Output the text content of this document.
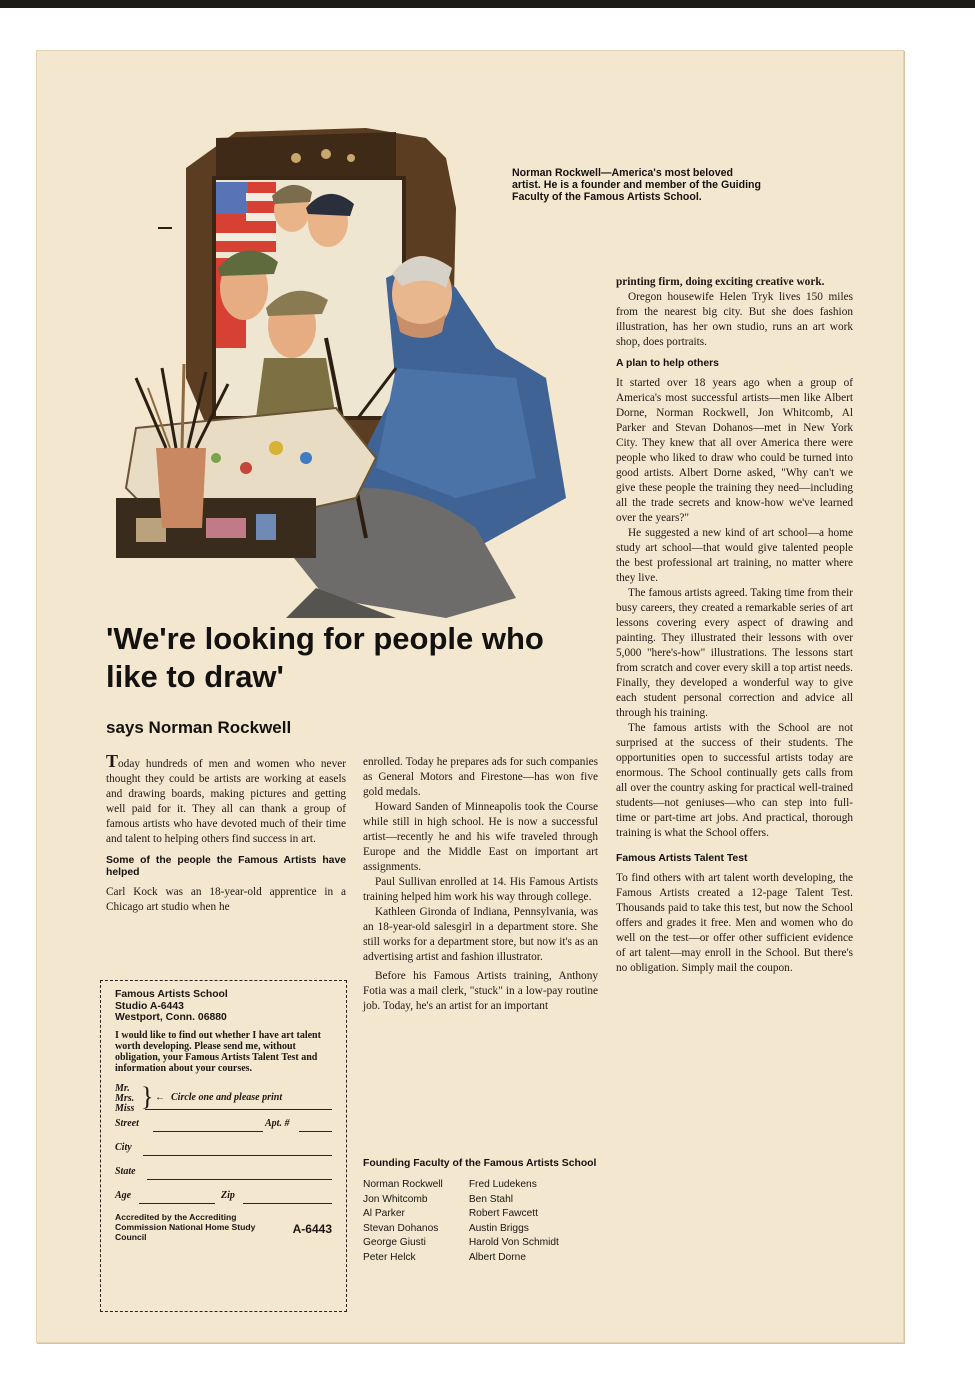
Norman Rockwell—America's most beloved artist. He is a founder and member of the Guiding Faculty of the Famous Artists School.
'We're looking for people who like to draw'
says Norman Rockwell

Today hundreds of men and women who never thought they could be artists are working at easels and drawing boards, making pictures and getting well paid for it. They all can thank a group of famous artists who have devoted much of their time and talent to helping others find success in art.

Some of the people the Famous Artists have helped

Carl Kock was an 18-year-old apprentice in a Chicago art studio when he

Famous Artists School
Studio A-6443
Westport, Conn. 06880
I would like to find out whether I have art talent worth developing. Please send me, without obligation, your Famous Artists Talent Test and information about your courses.
Mr.
Mrs.
Miss } ← Circle one and please print
Street	Apt. #
City
State
Age	Zip
Accredited by the Accrediting Commission National Home Study Council
A-6443

enrolled. Today he prepares ads for such companies as General Motors and Firestone—has won five gold medals.

Howard Sanden of Minneapolis took the Course while still in high school. He is now a successful artist—recently he and his wife traveled through Europe and the Middle East on important art assignments.

Paul Sullivan enrolled at 14. His Famous Artists training helped him work his way through college.

Kathleen Gironda of Indiana, Pennsylvania, was an 18-year-old salesgirl in a department store. She still works for a department store, but now it's as an advertising artist and fashion illustrator.

Before his Famous Artists training, Anthony Fotia was a mail clerk, "stuck" in a low-pay routine job. Today, he's an artist for an important

Founding Faculty of the Famous Artists School
Norman Rockwell
Jon Whitcomb
Al Parker
Stevan Dohanos
George Giusti
Peter Helck
Fred Ludekens
Ben Stahl
Robert Fawcett
Austin Briggs
Harold Von Schmidt
Albert Dorne

printing firm, doing exciting creative work.

Oregon housewife Helen Tryk lives 150 miles from the nearest big city. But she does fashion illustration, has her own studio, runs an art work shop, does portraits.

A plan to help others

It started over 18 years ago when a group of America's most successful artists—men like Albert Dorne, Norman Rockwell, Jon Whitcomb, Al Parker and Stevan Dohanos—met in New York City. They knew that all over America there were people who liked to draw who could be turned into good artists. Albert Dorne asked, "Why can't we give these people the training they need—including all the trade secrets and know-how we've learned over the years?"

He suggested a new kind of art school—a home study art school—that would give talented people the best professional art training, no matter where they live.

The famous artists agreed. Taking time from their busy careers, they created a remarkable series of art lessons covering every aspect of drawing and painting. They illustrated their lessons with over 5,000 "here's-how" illustrations. The lessons start from scratch and cover every skill a top artist needs. Finally, they developed a wonderful way to give each student personal correction and advice all through his training.

The famous artists with the School are not surprised at the success of their students. The opportunities open to successful artists today are enormous. The School continually gets calls from all over the country asking for practical well-trained students—not geniuses—who can step into full-time or part-time art jobs. And practical, thorough training is what the School offers.

Famous Artists Talent Test

To find others with art talent worth developing, the Famous Artists created a 12-page Talent Test. Thousands paid to take this test, but now the School offers and grades it free. Men and women who do well on the test—or offer other sufficient evidence of art talent—may enroll in the School. But there's no obligation. Simply mail the coupon.
